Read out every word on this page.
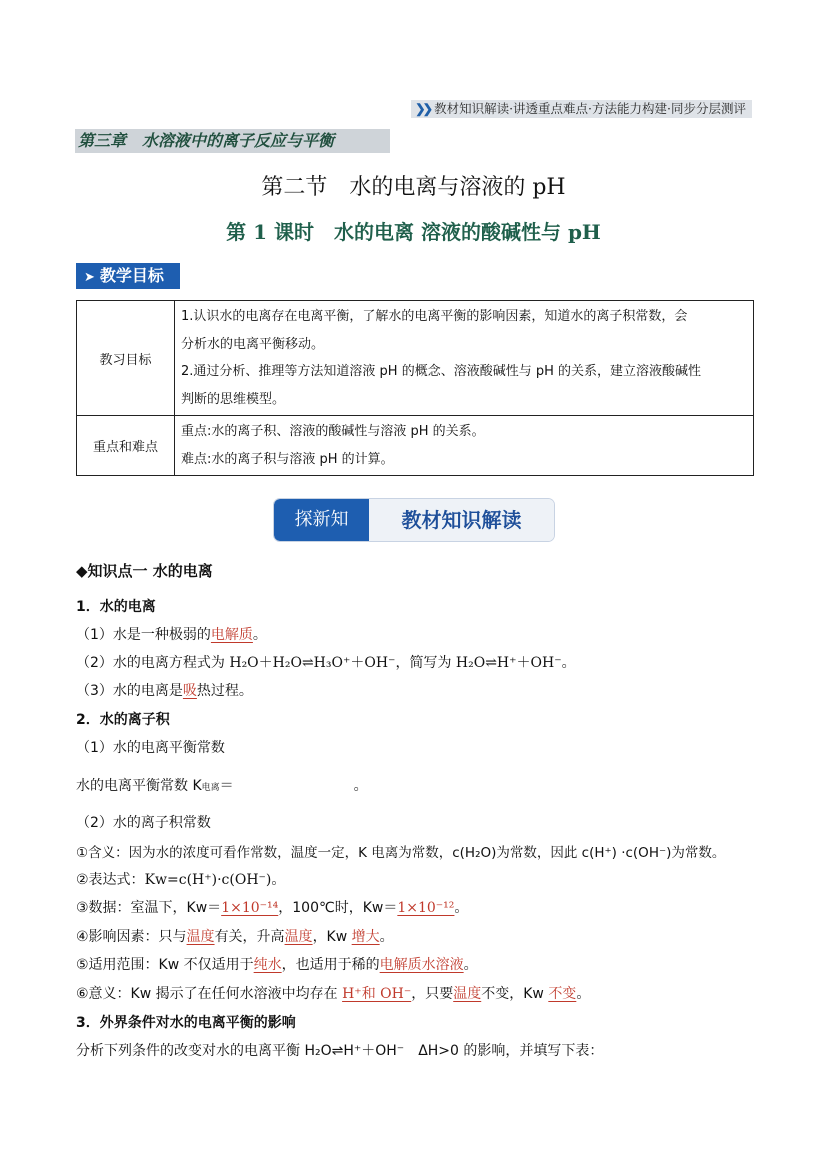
❯❯ 教材知识解读·讲透重点难点·方法能力构建·同步分层测评
第三章　水溶液中的离子反应与平衡
第二节　水的电离与溶液的 pH
第 1 课时　水的电离 溶液的酸碱性与 pH
➤ 教学目标
教习目标	1.认识水的电离存在电离平衡，了解水的电离平衡的影响因素，知道水的离子积常数，会
分析水的电离平衡移动。
2.通过分析、推理等方法知道溶液 pH 的概念、溶液酸碱性与 pH 的关系，建立溶液酸碱性
判断的思维模型。

重点和难点	重点:水的离子积、溶液的酸碱性与溶液 pH 的关系。
难点:水的离子积与溶液 pH 的计算。
探新知	教材知识解读
◆知识点一 水的电离
1．水的电离
（1）水是一种极弱的电解质。
（2）水的电离方程式为 H₂O＋H₂O⇌H₃O⁺＋OH⁻，简写为 H₂O⇌H⁺＋OH⁻。
（3）水的电离是吸热过程。
2．水的离子积
（1）水的电离平衡常数
水的电离平衡常数 K电离＝	。
（2）水的离子积常数
①含义：因为水的浓度可看作常数，温度一定，K 电离为常数，c(H₂O)为常数，因此 c(H⁺) ·c(OH⁻)为常数。
②表达式：Kw=c(H⁺)·c(OH⁻)。
③数据：室温下，Kw＝1×10⁻¹⁴，100℃时，Kw＝1×10⁻¹²。
④影响因素：只与温度有关，升高温度，Kw 增大。
⑤适用范围：Kw 不仅适用于纯水，也适用于稀的电解质水溶液。
⑥意义：Kw 揭示了在任何水溶液中均存在 H⁺和 OH⁻，只要温度不变，Kw 不变。
3．外界条件对水的电离平衡的影响
分析下列条件的改变对水的电离平衡 H₂O⇌H⁺＋OH⁻　ΔH>0 的影响，并填写下表：
